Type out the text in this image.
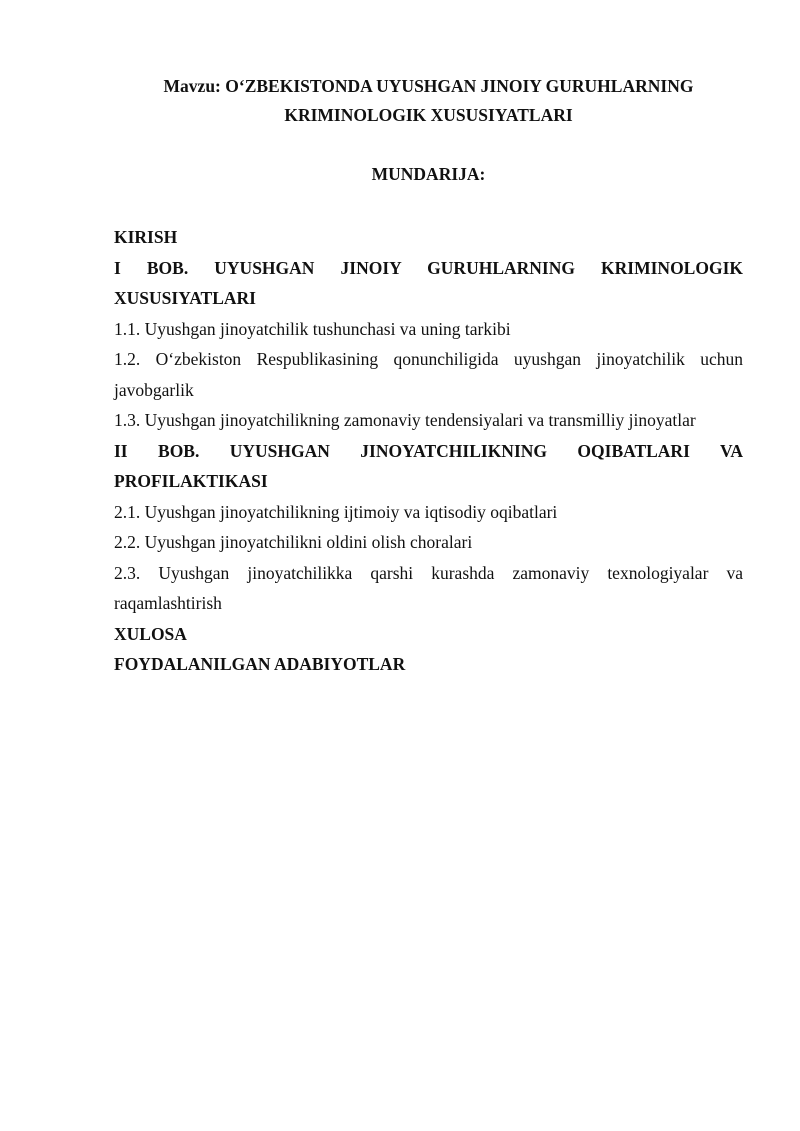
Mavzu: O‘ZBEKISTONDA UYUSHGAN JINOIY GURUHLARNING
KRIMINOLOGIK XUSUSIYATLARI
MUNDARIJA:
KIRISH
I BOB. UYUSHGAN JINOIY GURUHLARNING KRIMINOLOGIK
XUSUSIYATLARI
1.1. Uyushgan jinoyatchilik tushunchasi va uning tarkibi
1.2. O‘zbekiston Respublikasining qonunchiligida uyushgan jinoyatchilik uchun
javobgarlik
1.3. Uyushgan jinoyatchilikning zamonaviy tendensiyalari va transmilliy jinoyatlar
II BOB. UYUSHGAN JINOYATCHILIKNING OQIBATLARI VA
PROFILAKTIKASI
2.1. Uyushgan jinoyatchilikning ijtimoiy va iqtisodiy oqibatlari
2.2. Uyushgan jinoyatchilikni oldini olish choralari
2.3. Uyushgan jinoyatchilikka qarshi kurashda zamonaviy texnologiyalar va
raqamlashtirish
XULOSA
FOYDALANILGAN ADABIYOTLAR
